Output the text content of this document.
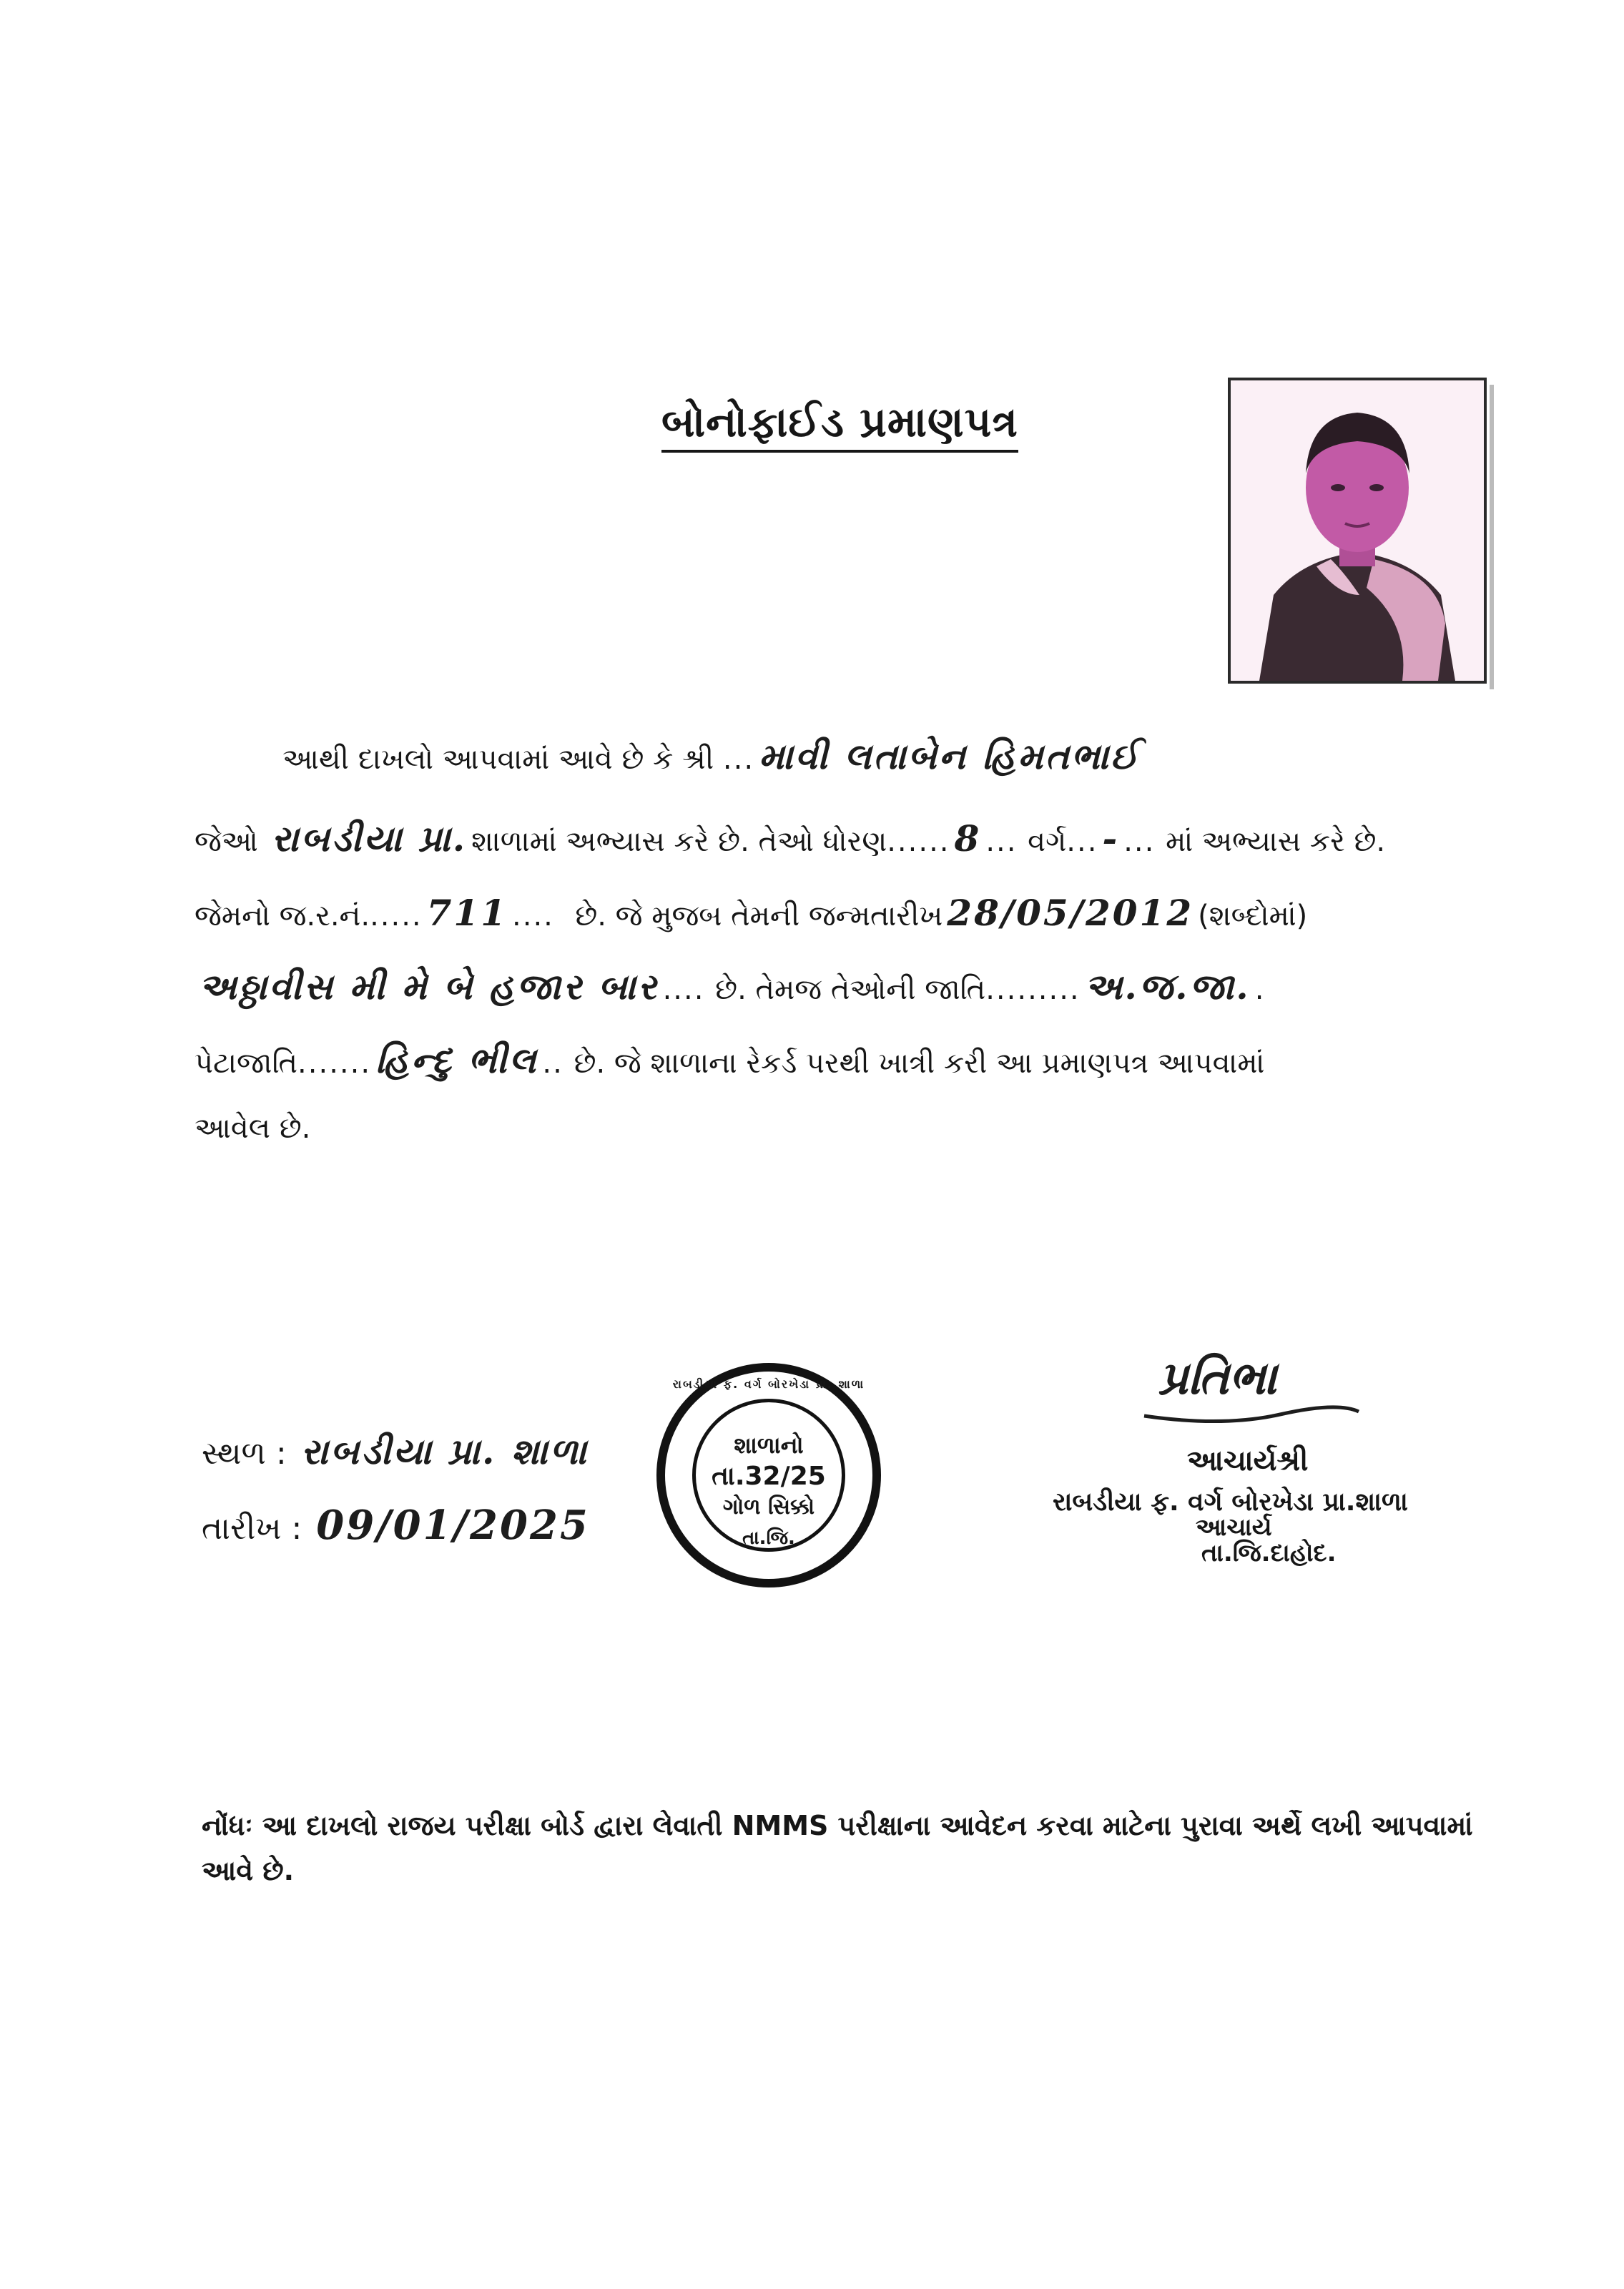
બોનોફાઈડ પ્રમાણપત્ર
આથી દાખલો આપવામાં આવે છે કે શ્રી ... માવી લતાબેન હિમતભાઈ
જેઓ રાબડીયા પ્રા. શાળામાં અભ્યાસ કરે છે. તેઓ ધોરણ...... 8 ... વર્ગ... - ... માં અભ્યાસ કરે છે.
જેમનો જ.ર.નં...... 711 ....  છે. જે મુજબ તેમની જન્મતારીખ 28/05/2012 (શબ્દોમાં)
અઠ્ઠાવીસ મી મે બે હજાર બાર .... છે. તેમજ તેઓની જાતિ......... અ.જ.જા. .
પેટાજાતિ....... હિન્દુ ભીલ .. છે. જે શાળાના રેકર્ડ પરથી ખાત્રી કરી આ પ્રમાણપત્ર આપવામાં
આવેલ છે.
સ્થળ : રાબડીયા પ્રા. શાળા
તારીખ : 09/01/2025
રાબડીયા ફ. વર્ગ બોરખેડા પ્રા. શાળા
શાળાનો
તા.32/25
ગોળ સિક્કો
તા.જિ.
પ્રતિભા
આચાર્યશ્રી
રાબડીયા ફ. વર્ગ બોરખેડા પ્રા.શાળા
આચાર્ય
તા.જિ.દાહોદ.
નોંધઃ આ દાખલો રાજય પરીક્ષા બોર્ડ દ્વારા લેવાતી NMMS પરીક્ષાના આવેદન કરવા માટેના પુરાવા અર્થે લખી આપવામાં આવે છે.
